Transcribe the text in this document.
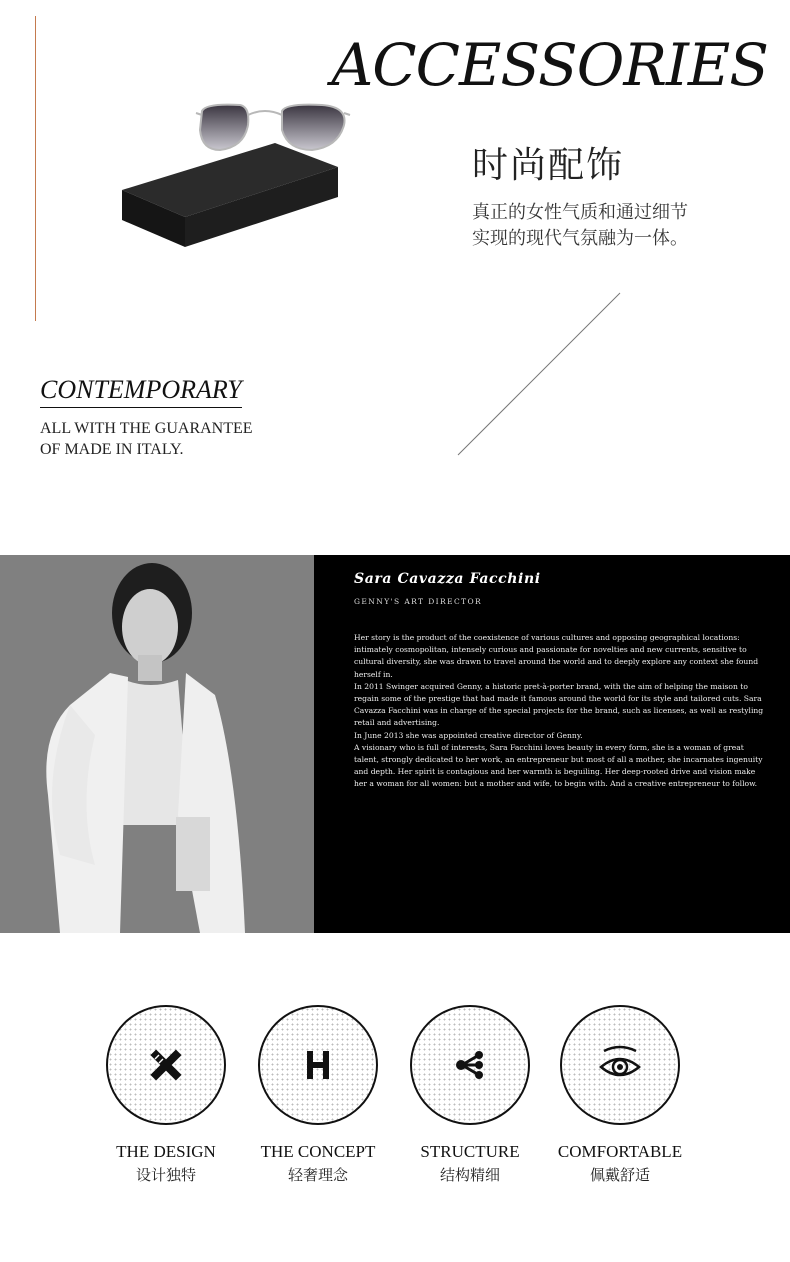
ACCESSORIES
时尚配饰
真正的女性气质和通过细节
实现的现代气氛融为一体。
CONTEMPORARY
ALL WITH THE GUARANTEE
OF MADE IN ITALY.
Sara Cavazza Facchini
GENNY'S ART DIRECTOR

Her story is the product of the coexistence of various cultures and opposing geographical locations: intimately cosmopolitan, intensely curious and passionate for novelties and new currents, sensitive to cultural diversity, she was drawn to travel around the world and to deeply explore any context she found herself in.

In 2011 Swinger acquired Genny, a historic pret-à-porter brand, with the aim of helping the maison to regain some of the prestige that had made it famous around the world for its style and tailored cuts. Sara Cavazza Facchini was in charge of the special projects for the brand, such as licenses, as well as restyling retail and advertising.

In June 2013 she was appointed creative director of Genny.

A visionary who is full of interests, Sara Facchini loves beauty in every form, she is a woman of great talent, strongly dedicated to her work, an entrepreneur but most of all a mother, she incarnates ingenuity and depth. Her spirit is contagious and her warmth is beguiling. Her deep-rooted drive and vision make her a woman for all women: but a mother and wife, to begin with. And a creative entrepreneur to follow.

THE DESIGN
设计独特
THE CONCEPT
轻奢理念
STRUCTURE
结构精细
COMFORTABLE
佩戴舒适
